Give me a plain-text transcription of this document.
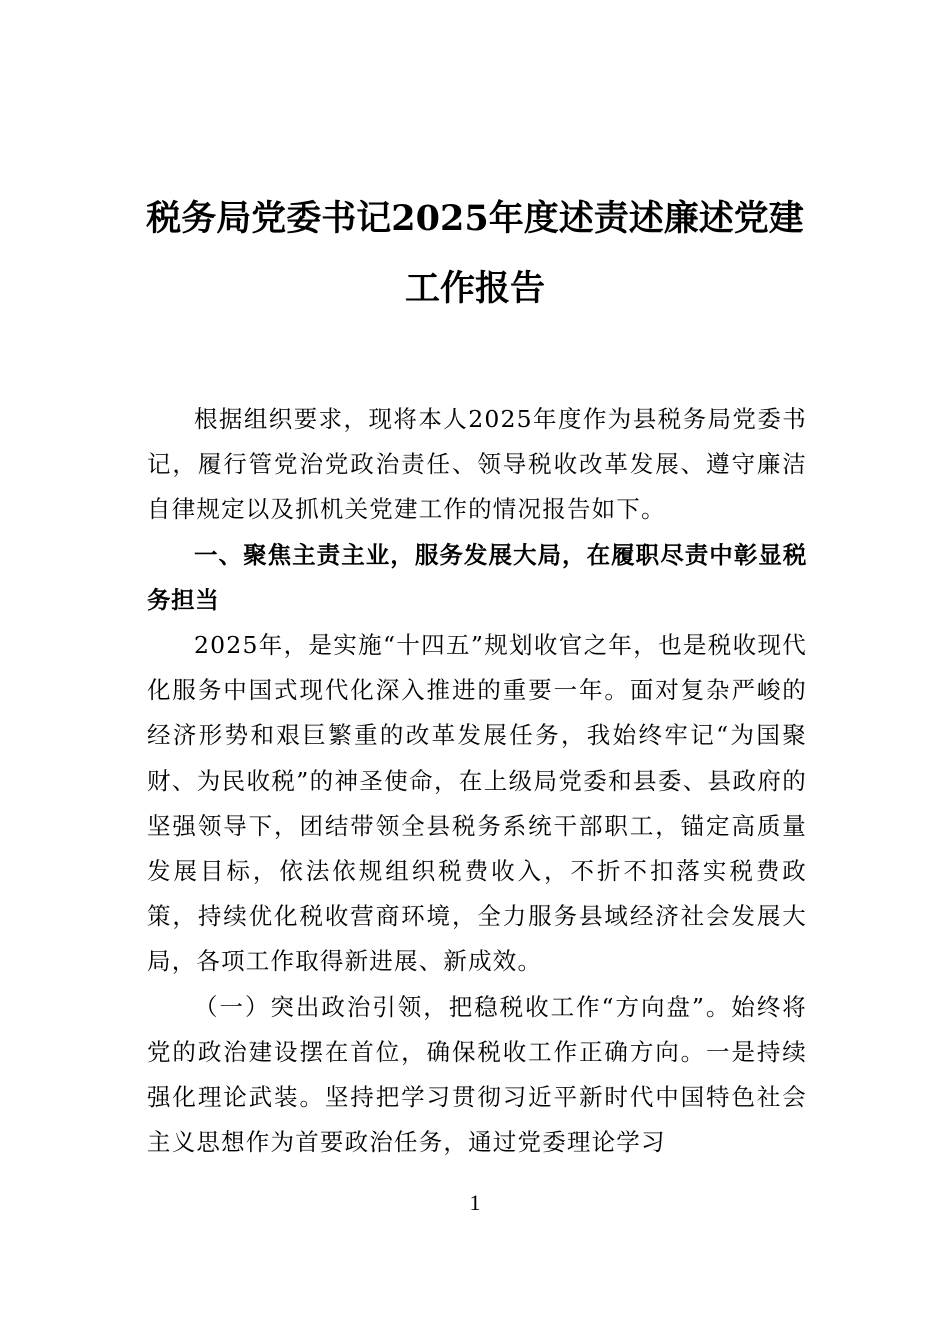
税务局党委书记2025年度述责述廉述党建
工作报告

根据组织要求，现将本人2025年度作为县税务局党委书记，履行管党治党政治责任、领导税收改革发展、遵守廉洁自律规定以及抓机关党建工作的情况报告如下。

一、聚焦主责主业，服务发展大局，在履职尽责中彰显税务担当

2025年，是实施“十四五”规划收官之年，也是税收现代化服务中国式现代化深入推进的重要一年。面对复杂严峻的经济形势和艰巨繁重的改革发展任务，我始终牢记“为国聚财、为民收税”的神圣使命，在上级局党委和县委、县政府的坚强领导下，团结带领全县税务系统干部职工，锚定高质量发展目标，依法依规组织税费收入，不折不扣落实税费政策，持续优化税收营商环境，全力服务县域经济社会发展大局，各项工作取得新进展、新成效。

（一）突出政治引领，把稳税收工作“方向盘”。始终将党的政治建设摆在首位，确保税收工作正确方向。一是持续强化理论武装。坚持把学习贯彻习近平新时代中国特色社会主义思想作为首要政治任务，通过党委理论学习

1
